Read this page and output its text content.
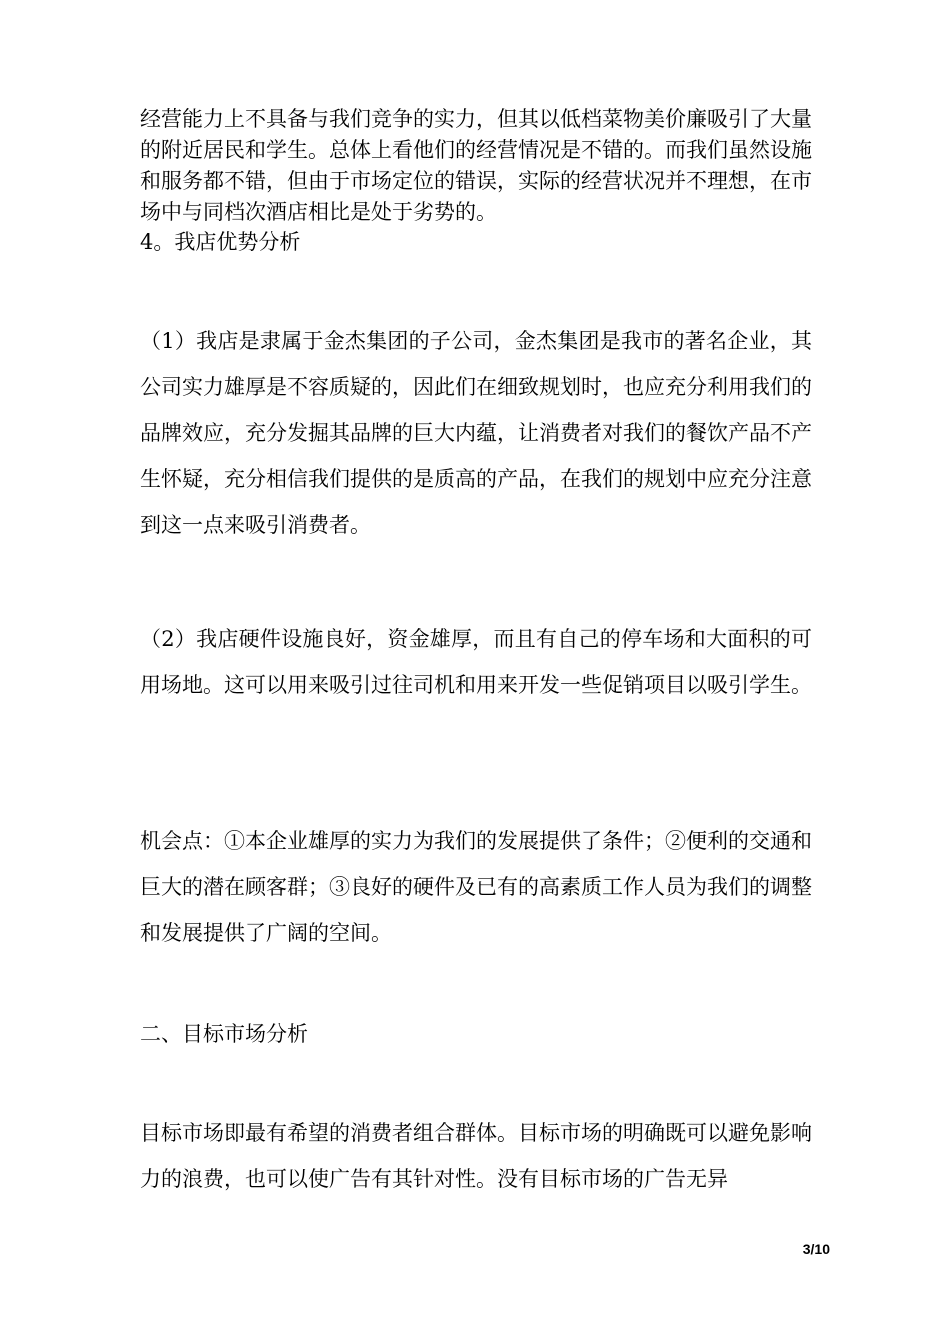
经营能力上不具备与我们竞争的实力，但其以低档菜物美价廉吸引了大量的附近居民和学生。总体上看他们的经营情况是不错的。而我们虽然设施和服务都不错，但由于市场定位的错误，实际的经营状况并不理想，在市场中与同档次酒店相比是处于劣势的。

4。我店优势分析

（1）我店是隶属于金杰集团的子公司，金杰集团是我市的著名企业，其公司实力雄厚是不容质疑的，因此们在细致规划时，也应充分利用我们的品牌效应，充分发掘其品牌的巨大内蕴，让消费者对我们的餐饮产品不产生怀疑，充分相信我们提供的是质高的产品，在我们的规划中应充分注意到这一点来吸引消费者。

（2）我店硬件设施良好，资金雄厚，而且有自己的停车场和大面积的可用场地。这可以用来吸引过往司机和用来开发一些促销项目以吸引学生。

机会点：①本企业雄厚的实力为我们的发展提供了条件；②便利的交通和巨大的潜在顾客群；③良好的硬件及已有的高素质工作人员为我们的调整和发展提供了广阔的空间。

二、目标市场分析

目标市场即最有希望的消费者组合群体。目标市场的明确既可以避免影响力的浪费，也可以使广告有其针对性。没有目标市场的广告无异

3/10
